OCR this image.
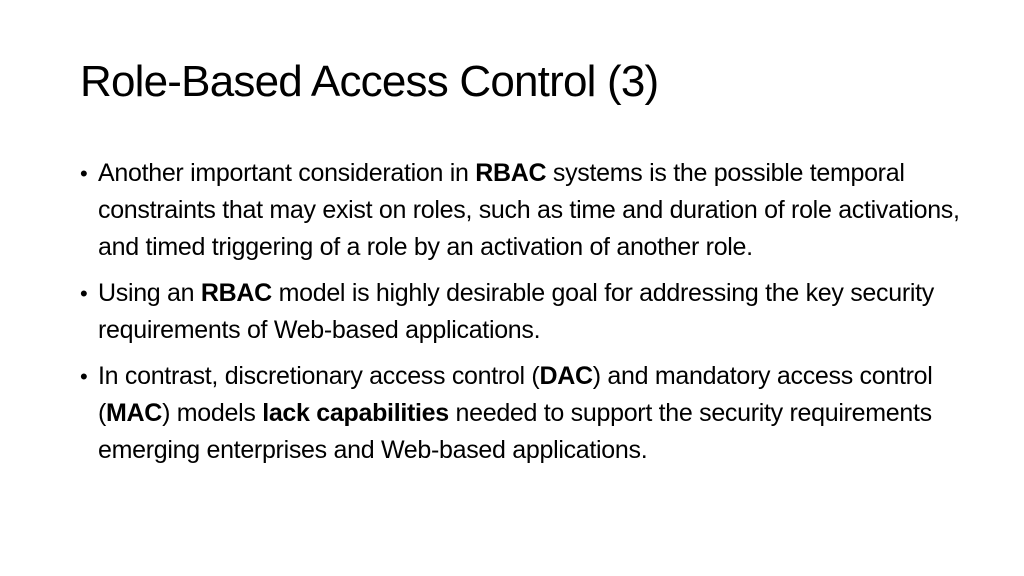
Role-Based Access Control (3)
• Another important consideration in RBAC systems is the possible temporal constraints that may exist on roles, such as time and duration of role activations, and timed triggering of a role by an activation of another role.
• Using an RBAC model is highly desirable goal for addressing the key security requirements of Web-based applications.
• In contrast, discretionary access control (DAC) and mandatory access control (MAC) models lack capabilities needed to support the security requirements emerging enterprises and Web-based applications.
